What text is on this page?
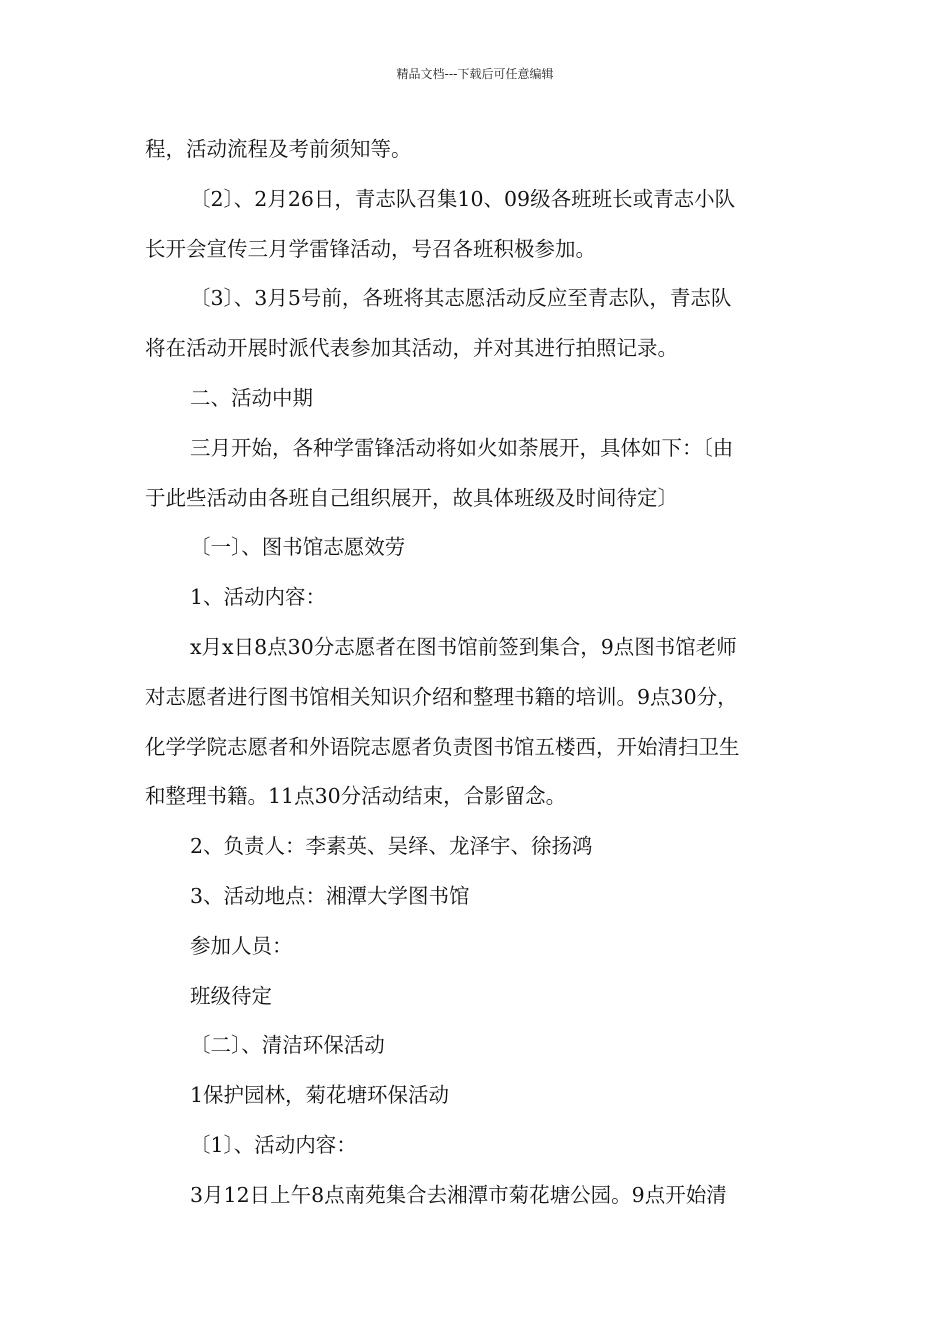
精品文档---下载后可任意编辑
程，活动流程及考前须知等。
〔2〕、2月26日，青志队召集10、09级各班班长或青志小队
长开会宣传三月学雷锋活动，号召各班积极参加。
〔3〕、3月5号前，各班将其志愿活动反应至青志队，青志队
将在活动开展时派代表参加其活动，并对其进行拍照记录。
二、活动中期
三月开始，各种学雷锋活动将如火如荼展开，具体如下：〔由
于此些活动由各班自己组织展开，故具体班级及时间待定〕
〔一〕、图书馆志愿效劳
1、活动内容：
x月x日8点30分志愿者在图书馆前签到集合，9点图书馆老师
对志愿者进行图书馆相关知识介绍和整理书籍的培训。9点30分，
化学学院志愿者和外语院志愿者负责图书馆五楼西，开始清扫卫生
和整理书籍。11点30分活动结束，合影留念。
2、负责人：李素英、吴绎、龙泽宇、徐扬鸿
3、活动地点：湘潭大学图书馆
参加人员：
班级待定
〔二〕、清洁环保活动
1保护园林，菊花塘环保活动
〔1〕、活动内容：
3月12日上午8点南苑集合去湘潭市菊花塘公园。9点开始清
